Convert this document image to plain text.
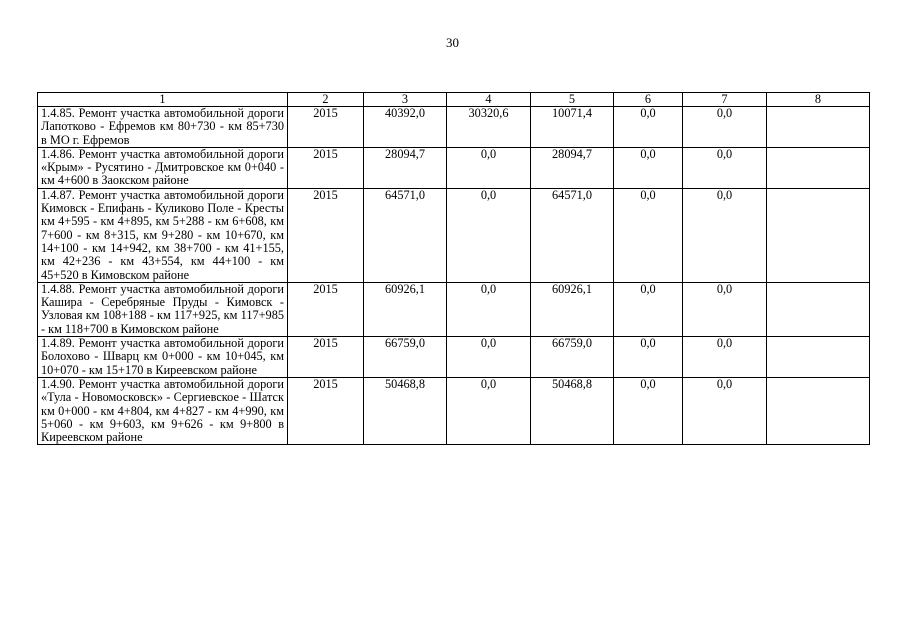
30
1	2	3	4	5	6	7	8
1.4.85. Ремонт участка автомобильной дороги Лапотково - Ефремов км 80+730 - км 85+730 в МО г. Ефремов	2015	40392,0	30320,6	10071,4	0,0	0,0	
1.4.86. Ремонт участка автомобильной дороги «Крым» - Русятино - Дмитровское км 0+040 - км 4+600 в Заокском районе	2015	28094,7	0,0	28094,7	0,0	0,0	
1.4.87. Ремонт участка автомобильной дороги Кимовск - Епифань - Куликово Поле - Кресты км 4+595 - км 4+895, км 5+288 - км 6+608, км 7+600 - км 8+315, км 9+280 - км 10+670, км 14+100 - км 14+942, км 38+700 - км 41+155, км 42+236 - км 43+554, км 44+100 - км 45+520 в Кимовском районе	2015	64571,0	0,0	64571,0	0,0	0,0	
1.4.88. Ремонт участка автомобильной дороги Кашира - Серебряные Пруды - Кимовск - Узловая км 108+188 - км 117+925, км 117+985 - км 118+700 в Кимовском районе	2015	60926,1	0,0	60926,1	0,0	0,0	
1.4.89. Ремонт участка автомобильной дороги Болохово - Шварц км 0+000 - км 10+045, км 10+070 - км 15+170 в Киреевском районе	2015	66759,0	0,0	66759,0	0,0	0,0	
1.4.90. Ремонт участка автомобильной дороги «Тула - Новомосковск» - Сергиевское - Шатск км 0+000 - км 4+804, км 4+827 - км 4+990, км 5+060 - км 9+603, км 9+626 - км 9+800 в Киреевском районе	2015	50468,8	0,0	50468,8	0,0	0,0	
